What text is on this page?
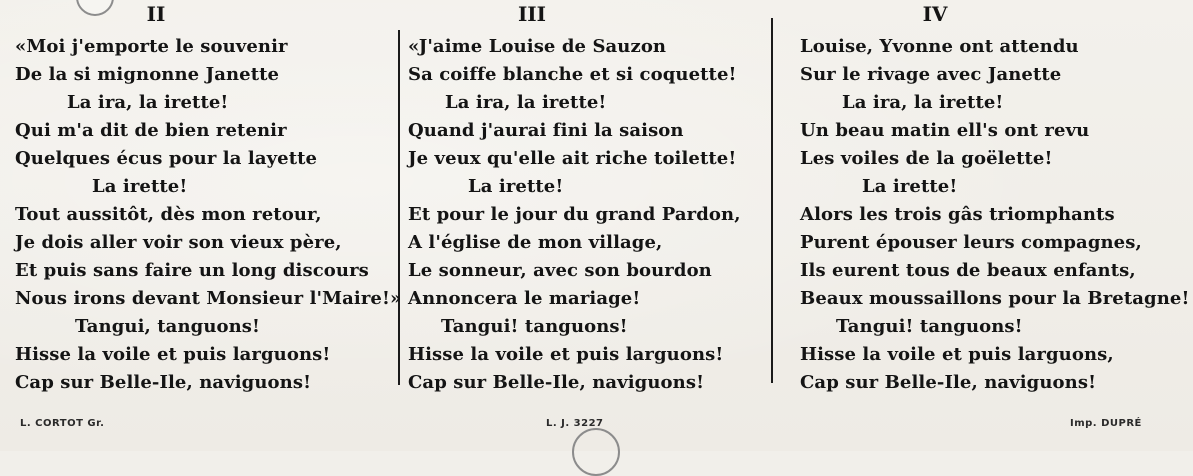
II	III	IV
«Moi j'emporte le souvenir
De la si mignonne Janette
La ira, la irette!
Qui m'a dit de bien retenir
Quelques écus pour la layette
La irette!
Tout aussitôt, dès mon retour,
Je dois aller voir son vieux père,
Et puis sans faire un long discours
Nous irons devant Monsieur l'Maire!»
Tangui, tanguons!
Hisse la voile et puis larguons!
Cap sur Belle-Ile, naviguons!
«J'aime Louise de Sauzon
Sa coiffe blanche et si coquette!
La ira, la irette!
Quand j'aurai fini la saison
Je veux qu'elle ait riche toilette!
La irette!
Et pour le jour du grand Pardon,
A l'église de mon village,
Le sonneur, avec son bourdon
Annoncera le mariage!
Tangui! tanguons!
Hisse la voile et puis larguons!
Cap sur Belle-Ile, naviguons!
Louise, Yvonne ont attendu
Sur le rivage avec Janette
La ira, la irette!
Un beau matin ell's ont revu
Les voiles de la goëlette!
La irette!
Alors les trois gâs triomphants
Purent épouser leurs compagnes,
Ils eurent tous de beaux enfants,
Beaux moussaillons pour la Bretagne!
Tangui! tanguons!
Hisse la voile et puis larguons,
Cap sur Belle-Ile, naviguons!
L. CORTOT Gr.	L. J. 3227	Imp. DUPRÉ
